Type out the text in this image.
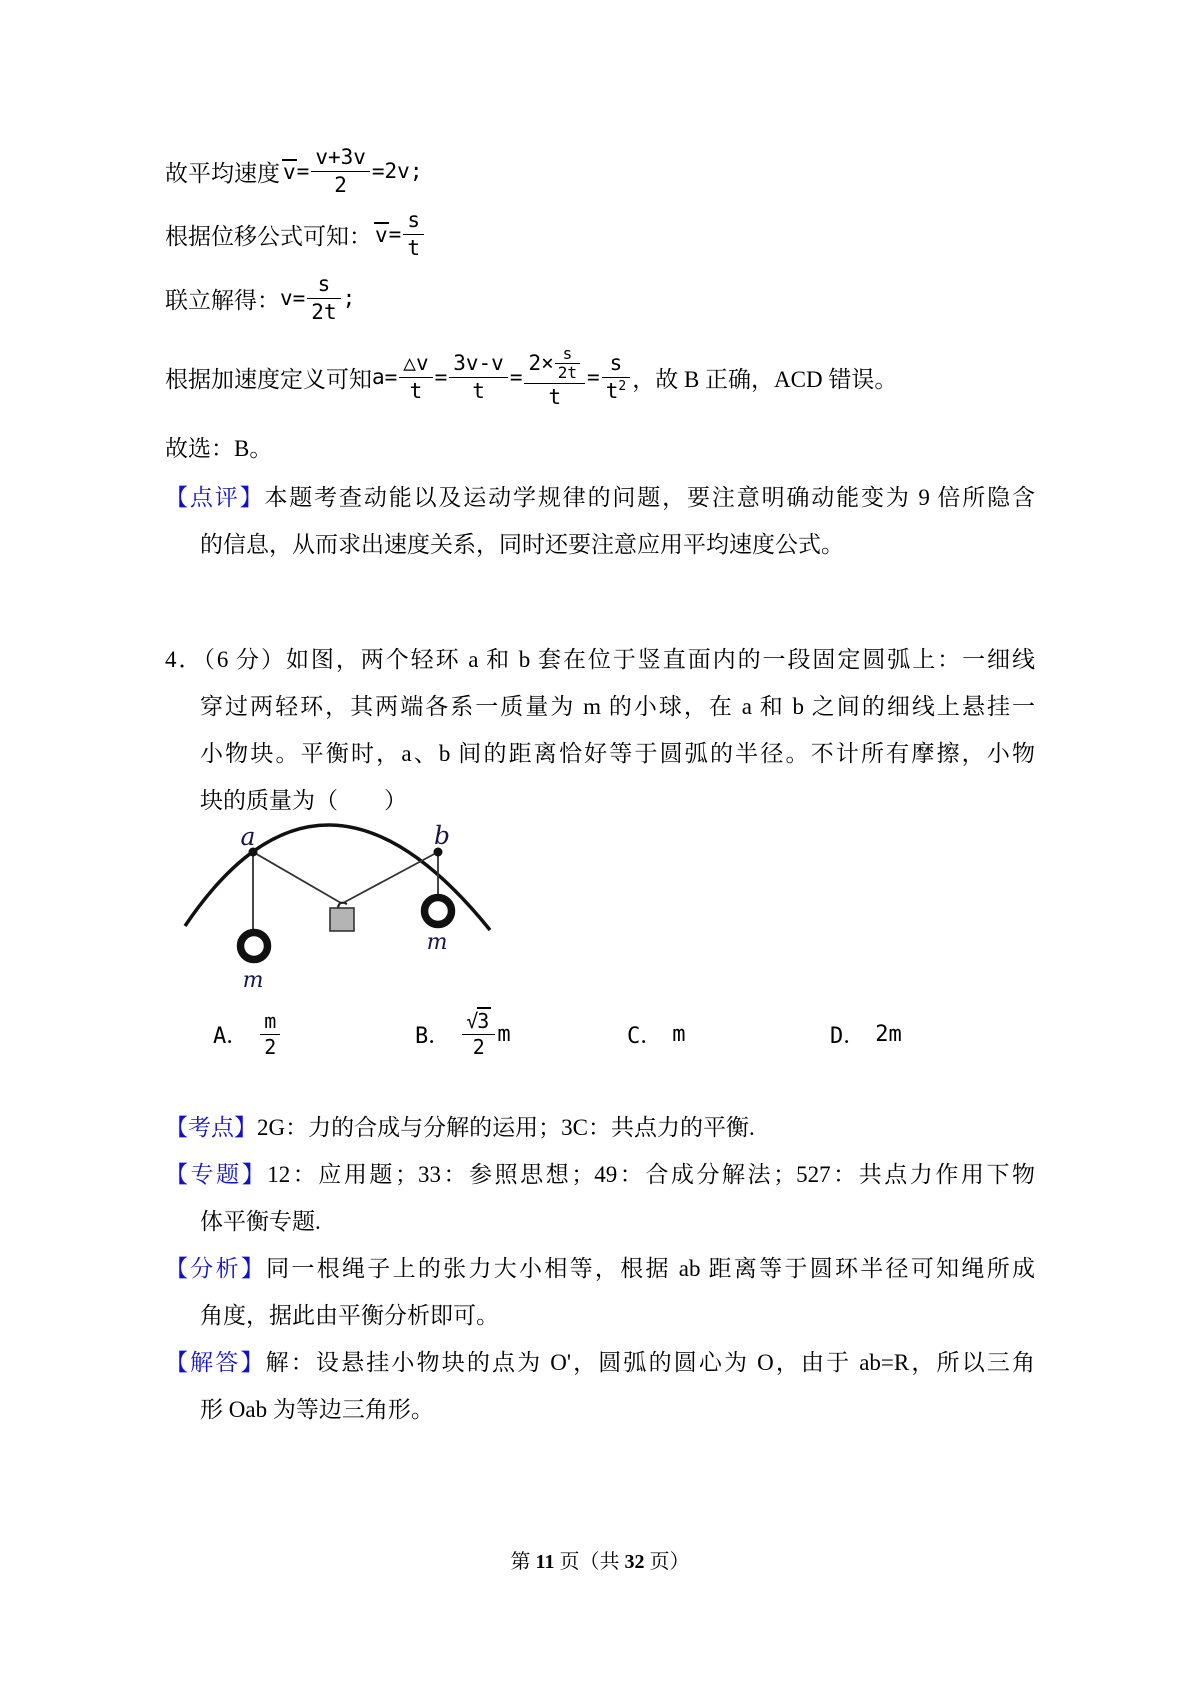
故平均速度 $v = \frac{v+3v}{2} =2v$;
根据位移公式可知： $v = \frac{s}{t}$
联立解得： $v= \frac{s}{2t}$ ;
根据加速度定义可知 $a= \frac{\triangle v}{t} = \frac{3v-v}{t} = \frac{2\times \frac{s}{2t}}{t} = \frac{s}{t^2}$ ，故 B 正确，ACD 错误。
故选：B。
【点评】本题考查动能以及运动学规律的问题，要注意明确动能变为 9 倍所隐含
的信息，从而求出速度关系，同时还要注意应用平均速度公式。
4．（6 分）如图，两个轻环 a 和 b 套在位于竖直面内的一段固定圆弧上：一细线
穿过两轻环，其两端各系一质量为 m 的小球，在 a 和 b 之间的细线上悬挂一
小物块。平衡时，a、b 间的距离恰好等于圆弧的半径。不计所有摩擦，小物
块的质量为（　　）
a	b
m
m
A． $\frac{m}{2}$	B． $\frac{√3}{2}$ m	C． m	D． 2m
【考点】2G：力的合成与分解的运用；3C：共点力的平衡.
【专题】12：应用题；33：参照思想；49：合成分解法；527：共点力作用下物
体平衡专题.
【分析】同一根绳子上的张力大小相等，根据 ab 距离等于圆环半径可知绳所成
角度，据此由平衡分析即可。
【解答】解：设悬挂小物块的点为 O'，圆弧的圆心为 O，由于 ab=R，所以三角
形 Oab 为等边三角形。
第 11 页（共 32 页）
